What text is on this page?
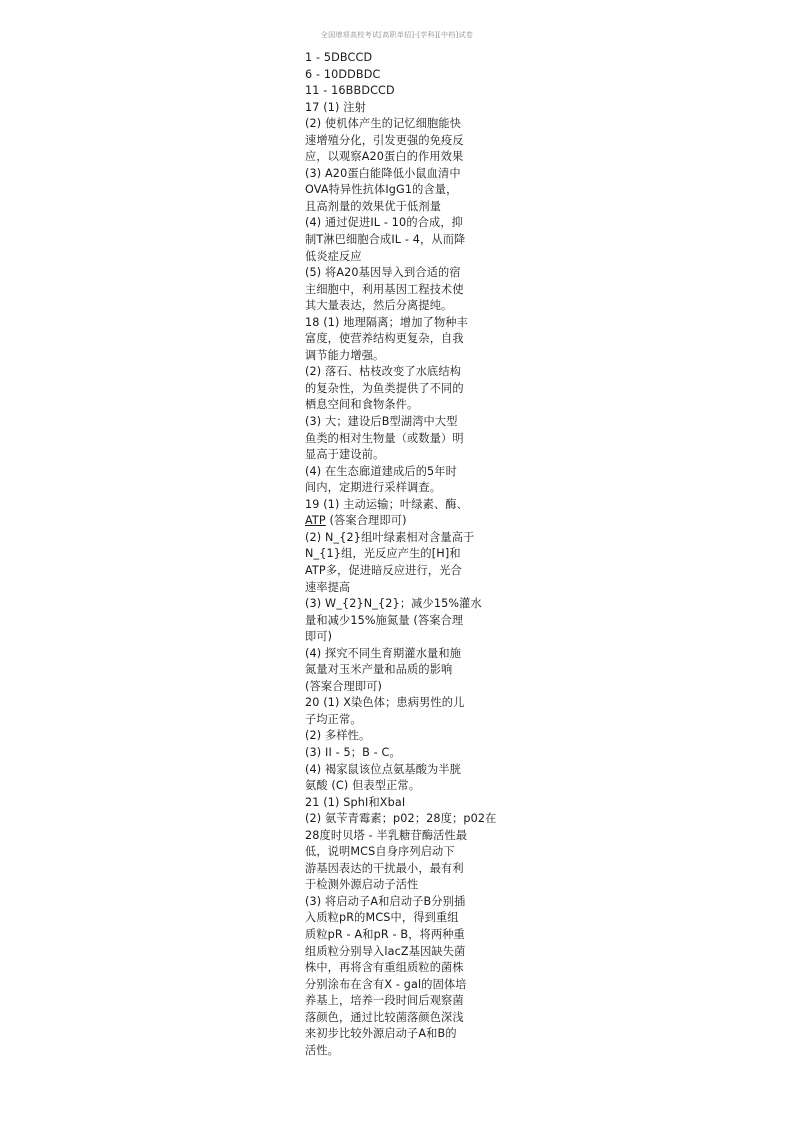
全国增项高校考试[高职单招]-[学科][中档]试卷
1 - 5DBCCD
6 - 10DDBDC
11 - 16BBDCCD
17 (1) 注射
(2) 使机体产生的记忆细胞能快
速增殖分化，引发更强的免疫反
应，以观察A20蛋白的作用效果
(3) A20蛋白能降低小鼠血清中
OVA特异性抗体IgG1的含量，
且高剂量的效果优于低剂量
(4) 通过促进IL - 10的合成，抑
制T淋巴细胞合成IL - 4，从而降
低炎症反应
(5) 将A20基因导入到合适的宿
主细胞中，利用基因工程技术使
其大量表达，然后分离提纯。
18 (1) 地理隔离；增加了物种丰
富度，使营养结构更复杂，自我
调节能力增强。
(2) 落石、枯枝改变了水底结构
的复杂性，为鱼类提供了不同的
栖息空间和食物条件。
(3) 大；建设后B型湖湾中大型
鱼类的相对生物量（或数量）明
显高于建设前。
(4) 在生态廊道建成后的5年时
间内，定期进行采样调查。
19 (1) 主动运输；叶绿素、酶、
ATP (答案合理即可)
(2) N_{2}组叶绿素相对含量高于
N_{1}组，光反应产生的[H]和
ATP多，促进暗反应进行，光合
速率提高
(3) W_{2}N_{2}；减少15%灌水
量和减少15%施氮量 (答案合理
即可)
(4) 探究不同生育期灌水量和施
氮量对玉米产量和品质的影响
(答案合理即可)
20 (1) X染色体；患病男性的儿
子均正常。
(2) 多样性。
(3) II - 5；B - C。
(4) 褐家鼠该位点氨基酸为半胱
氨酸 (C) 但表型正常。
21 (1) SphI和XbaI
(2) 氨苄青霉素；p02；28度；p02在
28度时贝塔 - 半乳糖苷酶活性最
低，说明MCS自身序列启动下
游基因表达的干扰最小，最有利
于检测外源启动子活性
(3) 将启动子A和启动子B分别插
入质粒pR的MCS中，得到重组
质粒pR - A和pR - B，将两种重
组质粒分别导入lacZ基因缺失菌
株中，再将含有重组质粒的菌株
分别涂布在含有X - gal的固体培
养基上，培养一段时间后观察菌
落颜色，通过比较菌落颜色深浅
来初步比较外源启动子A和B的
活性。
